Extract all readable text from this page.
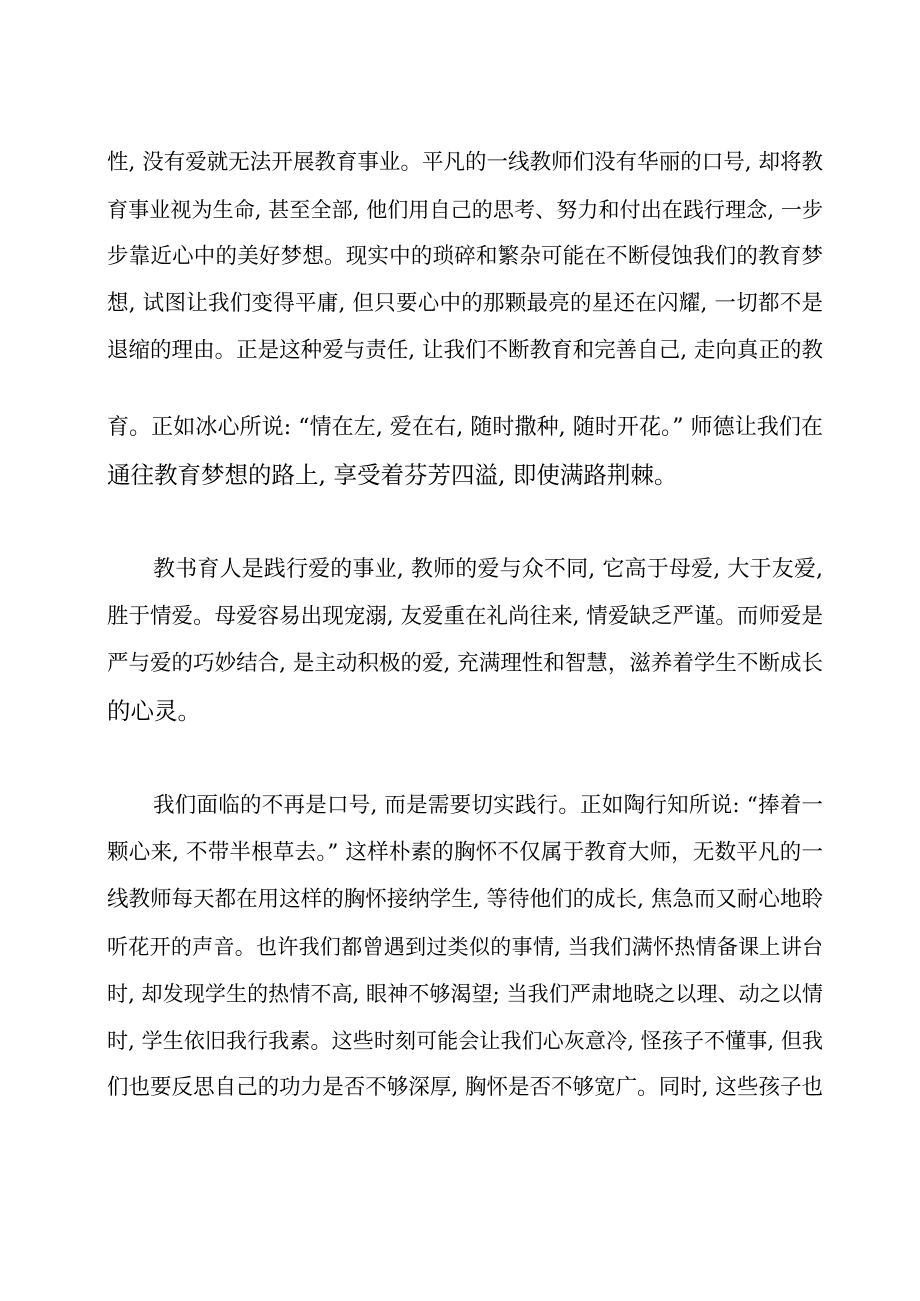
性, 没有爱就无法开展教育事业。平凡的一线教师们没有华丽的口号, 却将教
育事业视为生命, 甚至全部, 他们用自己的思考、努力和付出在践行理念, 一步
步靠近心中的美好梦想。现实中的琐碎和繁杂可能在不断侵蚀我们的教育梦
想, 试图让我们变得平庸, 但只要心中的那颗最亮的星还在闪耀, 一切都不是
退缩的理由。正是这种爱与责任, 让我们不断教育和完善自己, 走向真正的教
育。正如冰心所说: “情在左, 爱在右, 随时撒种, 随时开花。” 师德让我们在
通往教育梦想的路上, 享受着芬芳四溢, 即使满路荆棘。
教书育人是践行爱的事业, 教师的爱与众不同, 它高于母爱, 大于友爱,
胜于情爱。母爱容易出现宠溺, 友爱重在礼尚往来, 情爱缺乏严谨。而师爱是
严与爱的巧妙结合, 是主动积极的爱, 充满理性和智慧，滋养着学生不断成长
的心灵。
我们面临的不再是口号, 而是需要切实践行。正如陶行知所说: “捧着一
颗心来, 不带半根草去。” 这样朴素的胸怀不仅属于教育大师，无数平凡的一
线教师每天都在用这样的胸怀接纳学生, 等待他们的成长, 焦急而又耐心地聆
听花开的声音。也许我们都曾遇到过类似的事情, 当我们满怀热情备课上讲台
时, 却发现学生的热情不高, 眼神不够渴望; 当我们严肃地晓之以理、动之以情
时, 学生依旧我行我素。这些时刻可能会让我们心灰意冷, 怪孩子不懂事, 但我
们也要反思自己的功力是否不够深厚, 胸怀是否不够宽广。同时, 这些孩子也
